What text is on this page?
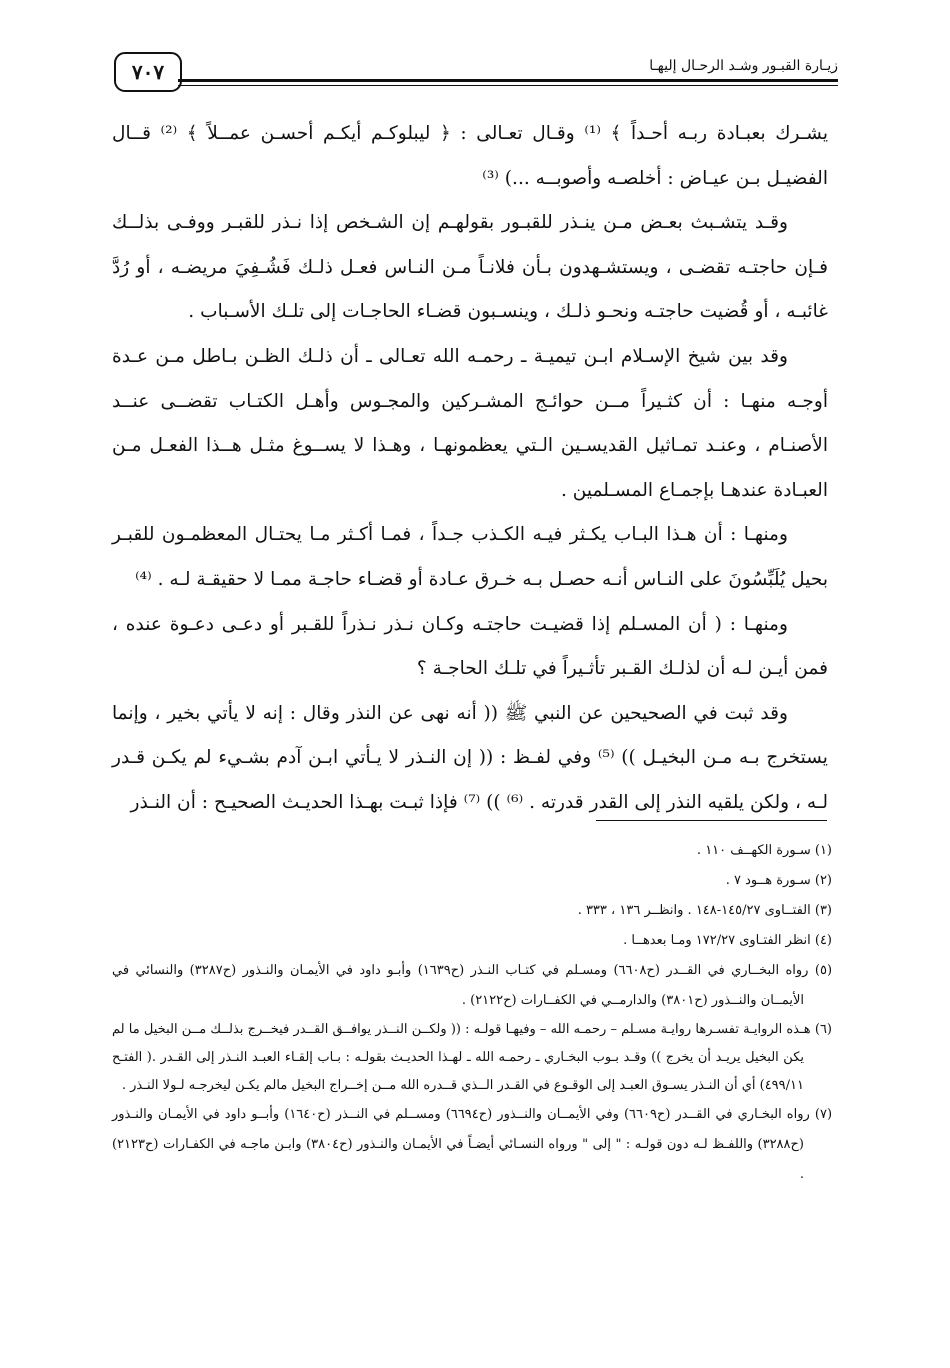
زيـارة القبـور وشـد الرحـال إليهـا
٧٠٧

يشـرك بعبـادة ربـه أحـداً ﴾ ⁽¹⁾ وقـال تعـالى : ﴿ ليبلوكـم أيكـم أحسـن عمــلاً ﴾ ⁽²⁾ قــال الفضيـل بـن عيـاض : أخلصـه وأصوبــه ...) ⁽³⁾

وقـد يتشـبث بعـض مـن ينـذر للقبـور بقولهـم إن الشـخص إذا نـذر للقبـر ووفـى بذلــك فـإن حاجتـه تقضـى ، ويستشـهدون بـأن فلانـاً مـن النـاس فعـل ذلـك فَشُـفِيَ مريضـه ، أو رُدَّ غائبـه ، أو قُضيت حاجتـه ونحـو ذلـك ، وينسـبون قضـاء الحاجـات إلى تلـك الأسـباب .

وقد بين شيخ الإسـلام ابـن تيميـة ـ رحمـه الله تعـالى ـ أن ذلـك الظـن بـاطل مـن عـدة أوجـه منهـا : أن كثـيراً مــن حوائـج المشـركين والمجـوس وأهـل الكتـاب تقضــى عنــد الأصنـام ، وعنـد تمـاثيل القديسـين الـتي يعظمونهـا ، وهـذا لا يســوغ مثـل هــذا الفعـل مـن العبـادة عندهـا بإجمـاع المسـلمين .

ومنهـا : أن هـذا البـاب يكـثر فيـه الكـذب جـداً ، فمـا أكـثر مـا يحتـال المعظمـون للقبـر بحيل يُلَبِّسُونَ على النـاس أنـه حصـل بـه خـرق عـادة أو قضـاء حاجـة ممـا لا حقيقـة لـه . ⁽⁴⁾

ومنهـا : ( أن المسـلم إذا قضيـت حاجتـه وكـان نـذر نـذراً للقـبر أو دعـى دعـوة عنده ، فمن أيـن لـه أن لذلـك القـبر تأثـيراً في تلـك الحاجـة ؟

وقد ثبت في الصحيحين عن النبي ﷺ (( أنه نهى عن النذر وقال : إنه لا يأتي بخير ، وإنما يستخرج بـه مـن البخيـل )) ⁽⁵⁾ وفي لفـظ : (( إن النـذر لا يـأتي ابـن آدم بشـيء لم يكـن قـدر لـه ، ولكن يلقيه النذر إلى القدر قدرته . ⁽⁶⁾ )) ⁽⁷⁾ فإذا ثبـت بهـذا الحديـث الصحيـح : أن النـذر

(١) سـورة الكهــف ١١٠ .

(٢) سـورة هــود ٧ .

(٣) الفتــاوى ١٤٥/٢٧-١٤٨ . وانظــر ١٣٦ ، ٣٣٣ .

(٤) انظر الفتـاوى ١٧٢/٢٧ ومـا بعدهــا .

(٥) رواه البخــاري في القــدر (ح٦٦٠٨) ومسـلم في كتـاب النـذر (ح١٦٣٩) وأبـو داود في الأيمـان والنـذور (ح٣٢٨٧) والنسائي في الأيمــان والنــذور (ح٣٨٠١) والدارمــي في الكفــارات (ح٢١٢٢) .

(٦) هـذه الروايـة تفسـرها روايـة مسـلم – رحمـه الله – وفيهـا قولـه : (( ولكــن النــذر يوافــق القــدر فيخــرج بذلــك مــن البخيل ما لم يكن البخيل يريـد أن يخرج )) وقـد بـوب البخـاري ـ رحمـه الله ـ لهـذا الحديـث بقولـه : بـاب إلقـاء العبـد النـذر إلى القـدر .( الفتـح ٤٩٩/١١) أي أن النـذر يسـوق العبـد إلى الوقـوع في القـدر الــذي قــدره الله مــن إخــراج البخيل مالم يكـن ليخرجـه لـولا النـذر .

(٧) رواه البخـاري في القــدر (ح٦٦٠٩) وفي الأيمــان والنــذور (ح٦٦٩٤) ومســلم في النــذر (ح١٦٤٠) وأبــو داود في الأيمـان والنـذور (ح٣٢٨٨) واللفـظ لـه دون قولـه : " إلى " ورواه النسـائي أيضـاً في الأيمـان والنـذور (ح٣٨٠٤) وابـن ماجـه في الكفـارات (ح٢١٢٣) .
